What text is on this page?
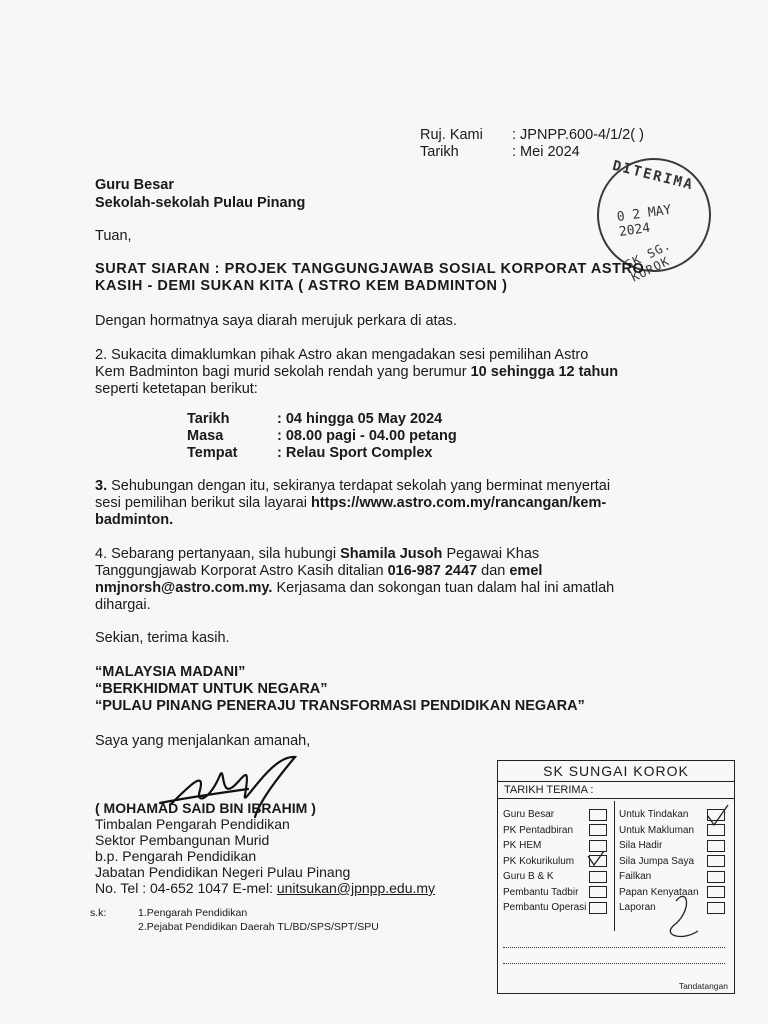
Ruj. Kami : JPNPP.600-4/1/2( )
Tarikh	: Mei 2024
DITERIMA
0 2 MAY 2024
SK SG. KOROK
Guru Besar
Sekolah-sekolah Pulau Pinang
Tuan,
SURAT SIARAN : PROJEK TANGGUNGJAWAB SOSIAL KORPORAT ASTRO
KASIH - DEMI SUKAN KITA ( ASTRO KEM BADMINTON )
Dengan hormatnya saya diarah merujuk perkara di atas.
2. Sukacita dimaklumkan pihak Astro akan mengadakan sesi pemilihan Astro
Kem Badminton bagi murid sekolah rendah yang berumur 10 sehingga 12 tahun
seperti ketetapan berikut:
Tarikh	: 04 hingga 05 May 2024
Masa	: 08.00 pagi - 04.00 petang
Tempat	: Relau Sport Complex
3. Sehubungan dengan itu, sekiranya terdapat sekolah yang berminat menyertai
sesi pemilihan berikut sila layarai https://www.astro.com.my/rancangan/kem-
badminton.
4. Sebarang pertanyaan, sila hubungi Shamila Jusoh Pegawai Khas
Tanggungjawab Korporat Astro Kasih ditalian 016-987 2447 dan emel
nmjnorsh@astro.com.my. Kerjasama dan sokongan tuan dalam hal ini amatlah
dihargai.
Sekian, terima kasih.
“MALAYSIA MADANI”
“BERKHIDMAT UNTUK NEGARA”
“PULAU PINANG PENERAJU TRANSFORMASI PENDIDIKAN NEGARA”
Saya yang menjalankan amanah,
( MOHAMAD SAID BIN IBRAHIM )
Timbalan Pengarah Pendidikan
Sektor Pembangunan Murid
b.p. Pengarah Pendidikan
Jabatan Pendidikan Negeri Pulau Pinang
No. Tel : 04-652 1047 E-mel: unitsukan@jpnpp.edu.my
s.k:	1.Pengarah Pendidikan
2.Pejabat Pendidikan Daerah TL/BD/SPS/SPT/SPU
SK SUNGAI KOROK
TARIKH TERIMA :
Guru Besar
PK Pentadbiran
PK HEM
PK Kokurikulum
Guru B & K
Pembantu Tadbir
Pembantu Operasi
Untuk Tindakan
Untuk Makluman
Sila Hadir
Sila Jumpa Saya
Failkan
Papan Kenyataan
Laporan
Tandatangan
